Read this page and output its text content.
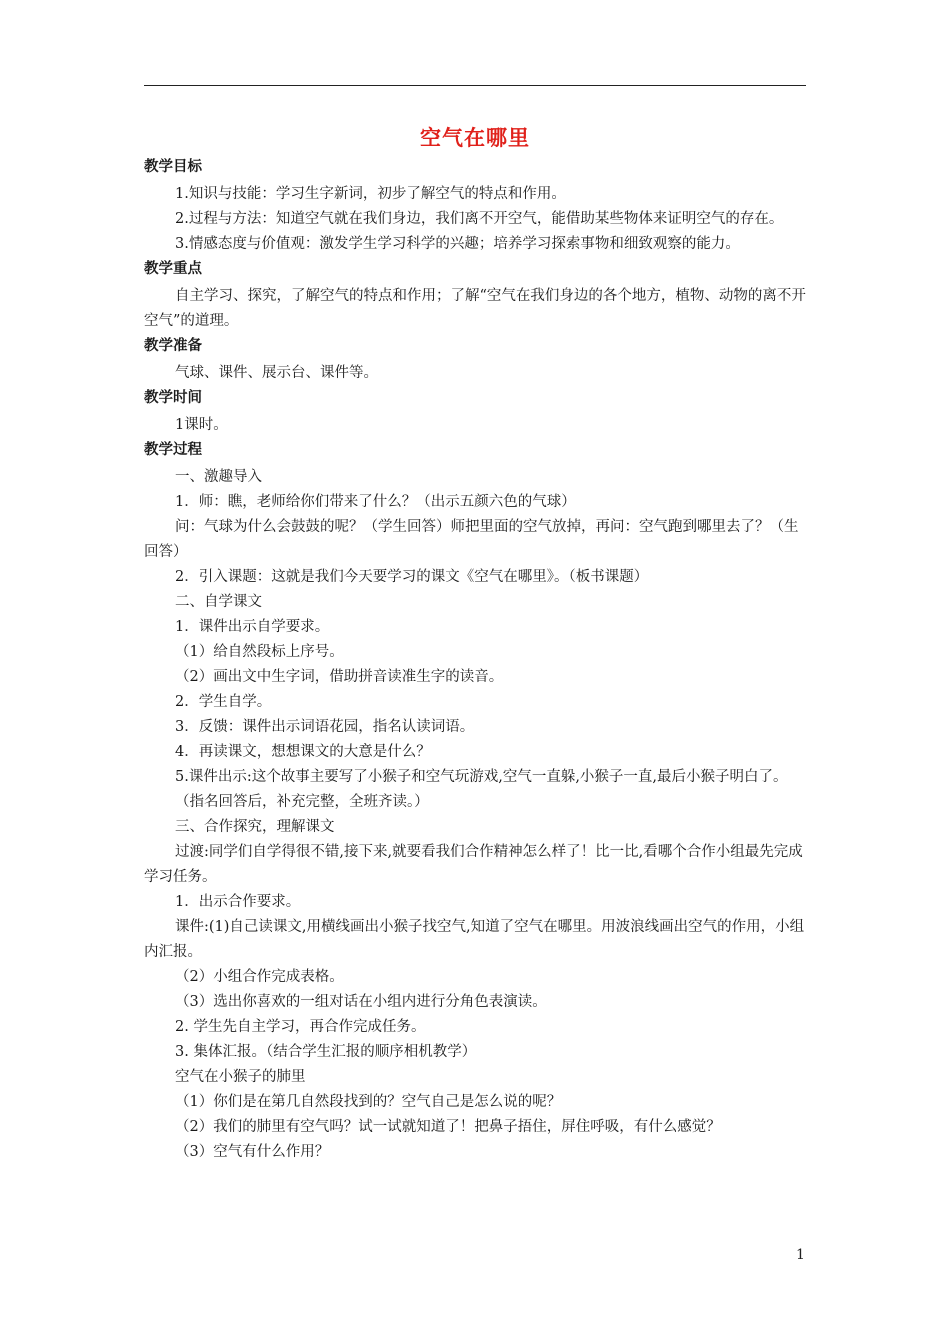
空气在哪里

教学目标

1.知识与技能：学习生字新词，初步了解空气的特点和作用。

2.过程与方法：知道空气就在我们身边，我们离不开空气，能借助某些物体来证明空气的存在。

3.情感态度与价值观：激发学生学习科学的兴趣；培养学习探索事物和细致观察的能力。

教学重点

自主学习、探究，了解空气的特点和作用；了解“空气在我们身边的各个地方，植物、动物的离不开空气”的道理。

教学准备

气球、课件、展示台、课件等。

教学时间

1课时。

教学过程

一、激趣导入

1．师：瞧，老师给你们带来了什么？（出示五颜六色的气球）

问：气球为什么会鼓鼓的呢？（学生回答）师把里面的空气放掉，再问：空气跑到哪里去了？（生回答）

2．引入课题：这就是我们今天要学习的课文《空气在哪里》。（板书课题）

二、自学课文

1．课件出示自学要求。

（1）给自然段标上序号。

（2）画出文中生字词，借助拼音读准生字的读音。

2．学生自学。

3．反馈：课件出示词语花园，指名认读词语。

4．再读课文，想想课文的大意是什么？

5.课件出示:这个故事主要写了小猴子和空气玩游戏,空气一直躲,小猴子一直,最后小猴子明白了。

（指名回答后，补充完整，全班齐读。）

三、合作探究，理解课文

过渡:同学们自学得很不错,接下来,就要看我们合作精神怎么样了！比一比,看哪个合作小组最先完成学习任务。

1．出示合作要求。

课件:(1)自己读课文,用横线画出小猴子找空气,知道了空气在哪里。用波浪线画出空气的作用，小组内汇报。

（2）小组合作完成表格。

（3）选出你喜欢的一组对话在小组内进行分角色表演读。

2. 学生先自主学习，再合作完成任务。

3. 集体汇报。（结合学生汇报的顺序相机教学）

空气在小猴子的肺里

（1）你们是在第几自然段找到的？空气自己是怎么说的呢？

（2）我们的肺里有空气吗？试一试就知道了！把鼻子捂住，屏住呼吸，有什么感觉？

（3）空气有什么作用？

1
